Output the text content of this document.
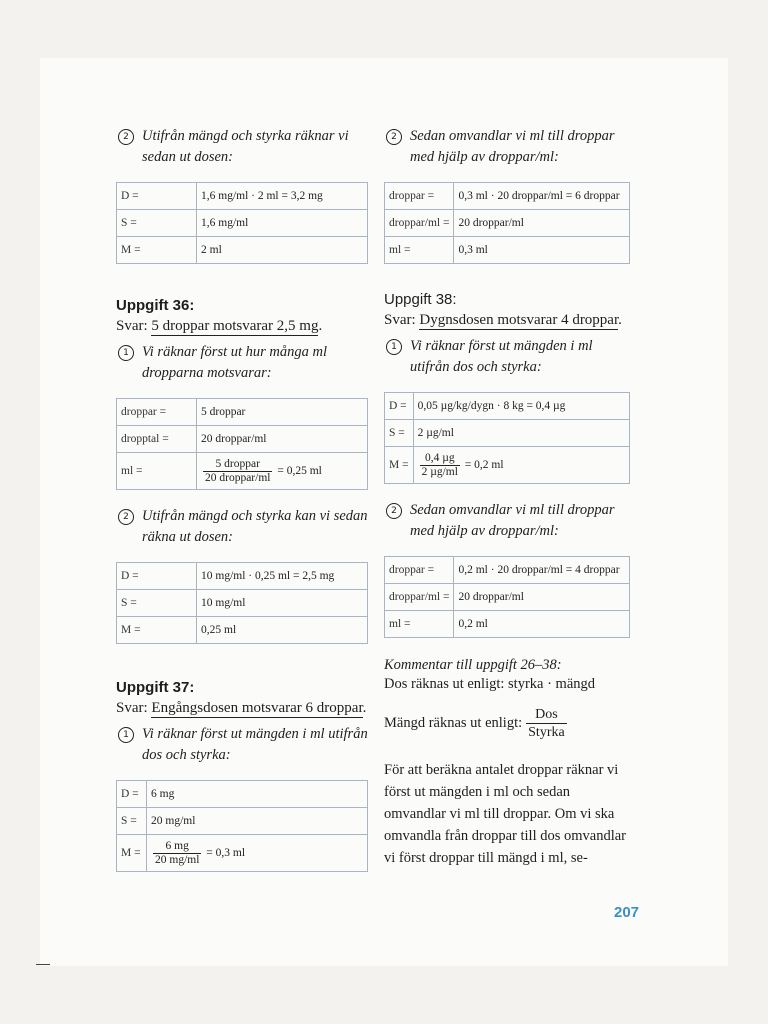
2 Utifrån mängd och styrka räknar vi sedan ut dosen:
D =	1,6 mg/ml · 2 ml = 3,2 mg
S =	1,6 mg/ml
M =	2 ml

Uppgift 36:

Svar: 5 droppar motsvarar 2,5 mg.

1 Vi räknar först ut hur många ml dropparna motsvarar:
droppar =	5 droppar
dropptal =	20 droppar/ml
ml =	$\frac{\text{5 droppar}}{\text{20 droppar/ml}} = 0,25$ ml
2 Utifrån mängd och styrka kan vi sedan räkna ut dosen:
D =	10 mg/ml · 0,25 ml = 2,5 mg
S =	10 mg/ml
M =	0,25 ml

Uppgift 37:

Svar: Engångsdosen motsvarar 6 droppar.

1 Vi räknar först ut mängden i ml utifrån dos och styrka:
D =	6 mg
S =	20 mg/ml
M =	$\frac{6 mg}{20 mg/ml} = 0,3$ ml
2 Sedan omvandlar vi ml till droppar med hjälp av droppar/ml:
droppar =	0,3 ml · 20 droppar/ml = 6 droppar
droppar/ml =	20 droppar/ml
ml =	0,3 ml

Uppgift 38:

Svar: Dygnsdosen motsvarar 4 droppar.

1 Vi räknar först ut mängden i ml utifrån dos och styrka:
D =	0,05 µg/kg/dygn · 8 kg = 0,4 µg
S =	2 µg/ml
M =	$\frac{\text{0,4 µg}}{\text{2 µg/ml}} = 0,2$ ml
2 Sedan omvandlar vi ml till droppar med hjälp av droppar/ml:
droppar =	0,2 ml · 20 droppar/ml = 4 droppar
droppar/ml =	20 droppar/ml
ml =	0,2 ml

Kommentar till uppgift 26–38:

Dos räknas ut enligt: styrka · mängd

Mängd räknas ut enligt: $\frac{\text{Dos}}{\text{Styrka}}$

För att beräkna antalet droppar räknar vi först ut mängden i ml och sedan omvandlar vi ml till droppar. Om vi ska omvandla från droppar till dos omvandlar vi först droppar till mängd i ml, se-

207
